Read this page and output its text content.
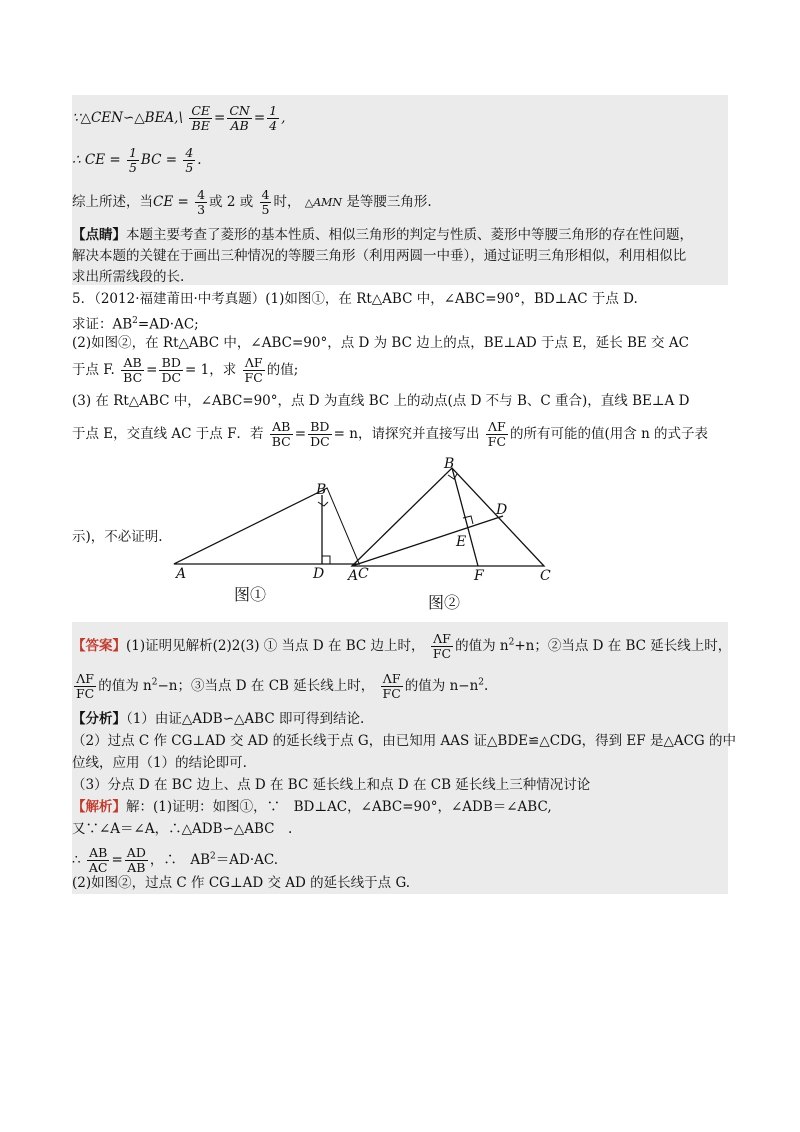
∵△CEN∽△BEA,\ $\frac{CE}{BE} = \frac{CN}{AB} = \frac{1}{4}$ ,
∴ CE = $\frac{1}{5}$ BC = $\frac{4}{5}$ .
综上所述，当CE = $\frac{4}{3}$ 或 2 或 $\frac{4}{5}$ 时， △AMN 是等腰三角形.
【点睛】本题主要考查了菱形的基本性质、相似三角形的判定与性质、菱形中等腰三角形的存在性问题，
解决本题的关键在于画出三种情况的等腰三角形（利用两圆一中垂），通过证明三角形相似，利用相似比
求出所需线段的长.
5．（2012·福建莆田·中考真题）(1)如图①，在 Rt△ABC 中，∠ABC=90°，BD⊥AC 于点 D.
求证：$AB^2=AD\cdot AC$;
(2)如图②，在 Rt△ABC 中，∠ABC=90°，点 D 为 BC 边上的点，BE⊥AD 于点 E，延长 BE 交 AC
于点 F. $\frac{AB}{BC} = \frac{BD}{DC} = 1$，求 $\frac{\Lambda F}{FC}$ 的值;
(3) 在 Rt△ABC 中，∠ABC=90°，点 D 为直线 BC 上的动点(点 D 不与 B、C 重合)，直线 BE⊥A D
于点 E，交直线 AC 于点 F．若 $\frac{AB}{BC} = \frac{BD}{DC} = n$，请探究并直接写出 $\frac{\Lambda F}{FC}$ 的所有可能的值(用含 n 的式子表
示)，不必证明.
A
B
C
D
图①
A
B
C
D
E
F
图②
【答案】(1)证明见解析(2)2(3) ① 当点 D 在 BC 边上时， $\frac{\Lambda F}{FC}$ 的值为 $n^2+n$；②当点 D 在 BC 延长线上时，
$\frac{\Lambda F}{FC}$ 的值为 $n^2-n$；③当点 D 在 CB 延长线上时， $\frac{\Lambda F}{FC}$ 的值为 $n-n^2$.
【分析】（1）由证△ADB∽△ABC 即可得到结论.
（2）过点 C 作 CG⊥AD 交 AD 的延长线于点 G，由已知用 AAS 证△BDE≌△CDG，得到 EF 是△ACG 的中
位线，应用（1）的结论即可.
（3）分点 D 在 BC 边上、点 D 在 BC 延长线上和点 D 在 CB 延长线上三种情况讨论
【解析】解：(1)证明：如图①，∵　BD⊥AC，∠ABC=90°，∠ADB＝∠ABC,
又∵∠A＝∠A，∴△ADB∽△ABC　.
∴ $\frac{AB}{AC} = \frac{AD}{AB}$ ，∴　$AB^2=AD\cdot AC$.
(2)如图②，过点 C 作 CG⊥AD 交 AD 的延长线于点 G.
